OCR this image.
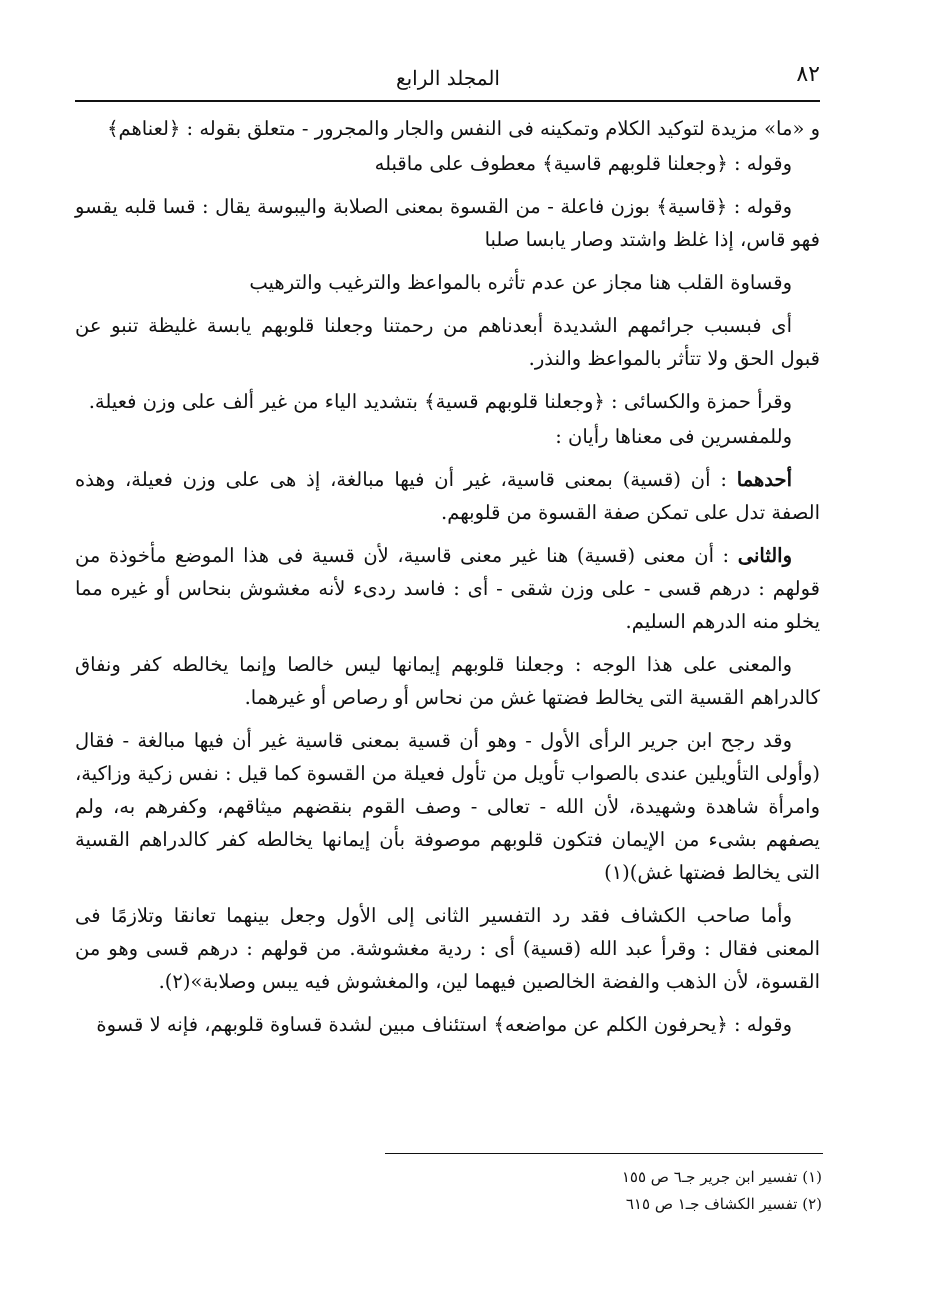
٨٢
المجلد الرابع

و «ما» مزيدة لتوكيد الكلام وتمكينه فى النفس والجار والمجرور - متعلق بقوله : ﴿لعناهم﴾

وقوله : ﴿وجعلنا قلوبهم قاسية﴾ معطوف على ماقبله

وقوله : ﴿قاسية﴾ بوزن فاعلة - من القسوة بمعنى الصلابة واليبوسة يقال : قسا قلبه يقسو فهو قاس، إذا غلظ واشتد وصار يابسا صلبا

وقساوة القلب هنا مجاز عن عدم تأثره بالمواعظ والترغيب والترهيب

أى فبسبب جرائمهم الشديدة أبعدناهم من رحمتنا وجعلنا قلوبهم يابسة غليظة تنبو عن قبول الحق ولا تتأثر بالمواعظ والنذر.

وقرأ حمزة والكسائى : ﴿وجعلنا قلوبهم قسية﴾ بتشديد الياء من غير ألف على وزن فعيلة.

وللمفسرين فى معناها رأيان :

أحدهما : أن (قسية) بمعنى قاسية، غير أن فيها مبالغة، إذ هى على وزن فعيلة، وهذه الصفة تدل على تمكن صفة القسوة من قلوبهم.

والثانى : أن معنى (قسية) هنا غير معنى قاسية، لأن قسية فى هذا الموضع مأخوذة من قولهم : درهم قسى - على وزن شقى - أى : فاسد ردىء لأنه مغشوش بنحاس أو غيره مما يخلو منه الدرهم السليم.

والمعنى على هذا الوجه : وجعلنا قلوبهم إيمانها ليس خالصا وإنما يخالطه كفر ونفاق كالدراهم القسية التى يخالط فضتها غش من نحاس أو رصاص أو غيرهما.

وقد رجح ابن جرير الرأى الأول - وهو أن قسية بمعنى قاسية غير أن فيها مبالغة - فقال (وأولى التأويلين عندى بالصواب تأويل من تأول فعيلة من القسوة كما قيل : نفس زكية وزاكية، وامرأة شاهدة وشهيدة، لأن الله - تعالى - وصف القوم بنقضهم ميثاقهم، وكفرهم به، ولم يصفهم بشىء من الإيمان فتكون قلوبهم موصوفة بأن إيمانها يخالطه كفر كالدراهم القسية التى يخالط فضتها غش)(١)

وأما صاحب الكشاف فقد رد التفسير الثانى إلى الأول وجعل بينهما تعانقا وتلازمًا فى المعنى فقال : وقرأ عبد الله (قسية) أى : ردية مغشوشة. من قولهم : درهم قسى وهو من القسوة، لأن الذهب والفضة الخالصين فيهما لين، والمغشوش فيه يبس وصلابة»(٢).

وقوله : ﴿يحرفون الكلم عن مواضعه﴾ استئناف مبين لشدة قساوة قلوبهم، فإنه لا قسوة

(١) تفسير ابن جرير جـ٦ ص ١٥٥
(٢) تفسير الكشاف جـ١ ص ٦١٥
